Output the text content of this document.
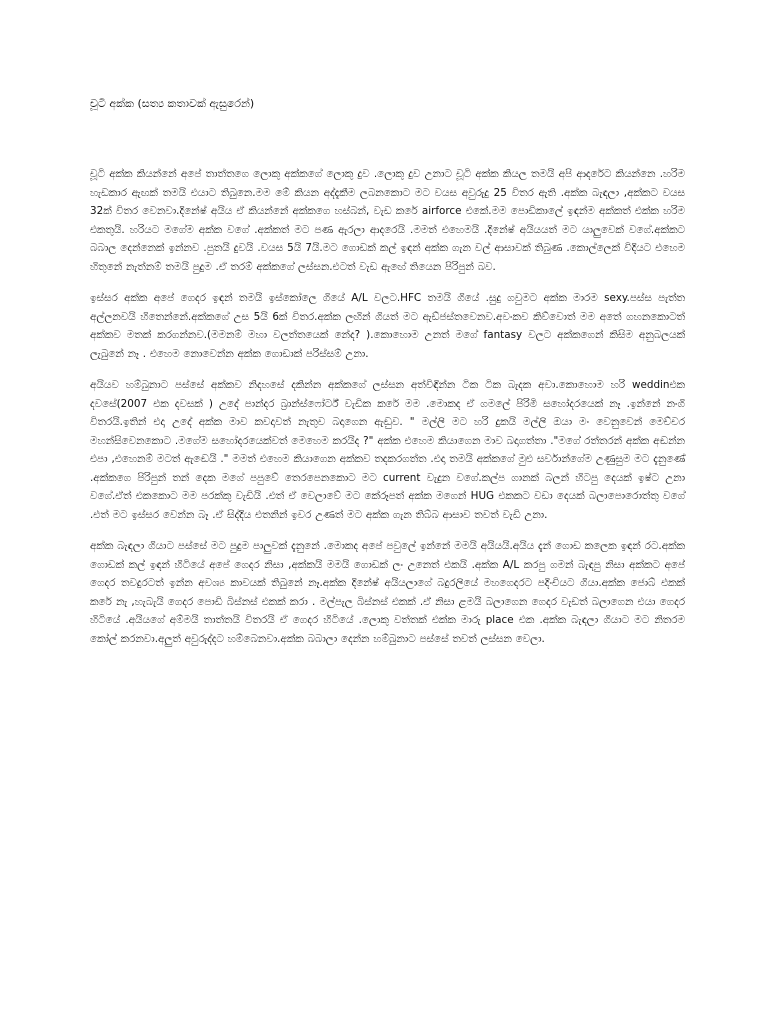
චූටි අක්ක (සත්‍ය කතාවක් ඇසුරෙන්)

චූටි අක්ක කියන්නේ අපේ තාත්තගෙ ලොකු අක්කගේ ලොකු දුව .ලොකු දුව උනාට චූටි අක්ක කියල තමයි අපි ආදරේට කියන්නෙ .හරිම හැඩකාර ඇඟක් තමයි එයාට තිබුනෙ.මම මේ කියන අද්දැකීම ලබනකොට මට වයස අවුරුදු 25 විතර ඇති .අක්ක බැඳලා ,අක්කට වයස 32ක් විතර වෙනවා.දිනේෂ් අයිය ඒ කියන්නේ අක්කගෙ හස්බන්, වැඩ කරේ airforce එකේ.මම පොඩිකාලේ ඉඳන්ම අක්කත් එක්ක හරිම එකතුයි. හරියට මගේම අක්ක වගේ .අක්කත් මට පණ ඇරලා ආදරෙයි .මමත් එහෙමයි .දිනේෂ් අයියයත් මට යාලුවෙක් වගේ.අක්කට බබාල දෙන්නෙක් ඉන්නව .පුතයි දුවයි .වයස 5යි 7යි.මට ගොඩක් කල් ඉඳන් අක්ක ගැන වල් ආසාවක් තිබුණ .කොල්ලෙක් විදියට එහෙම හිතුනේ නැත්නම් තමයි පුදුම .ඒ තරම් අක්කගේ ලස්සන.එටත් වැඩ ඇඟේ තියෙන පිරිපුන් බව.

ඉස්සර අක්ක අපේ ගෙදර ඉඳන් තමයි ඉස්කෝලෙ ගියේ A/L වලට.HFC තමයි ගියේ .සුදු ගවුමට අක්ක මාරම sexy.පස්ස පැත්ත අල්ලනවයි හිතෙන්නේ.අක්කගේ උස 5යි 6ක් විතර.අක්ක ලඟින් ගියත් මට ඇඩ්ජස්තවෙනව.අවංකව කිව්වොත් මම අතේ ගහනකොටත් අක්කව මතක් කරගන්නව.(මමනම් මහා වලත්තයෙක් නේද? ).කොහොම උනත් මගේ fantasy වලට අක්කගෙන් කිසිම අනුබලයක් ලැබුනේ නෑ . එහෙම නොවෙන්න අක්ක ගොඩාක් පරිස්සම් උනා.

අයියව හම්බුනාට පස්සේ අක්කව නිදහසේ දකින්න අක්කගේ ලස්සන අත්විඳින්න ටික ටික බැදක අවා.කොහොම හරි weddinඑක දවසේ(2007 එක දවසක් ) උදේ පාන්දර බ්‍රාන්ස්ෆෝර්ට් වැඩික කරේ මම .මොකද ඒ ගමලේ පිරිමි සහෝදරයෙක් නෑ .ඉන්නේ නංගි විතරයි.ඉතින් එදා උදේ අක්ක මාව කවදාවත් නැතුව බදාගෙන ඇඬුව. " මල්ලි මට හරි දුකයි මල්ලි ඔයා මං වෙනුවෙන් මෙච්චර මහන්සිවෙනකොට .මගේම සහෝදරයෙක්වත් මෙහෙම කරයිද ?" අක්ක එහෙම කියාගෙන මාව බදාගත්තා ."මගේ රත්තරන් අක්ක අඬන්න එපා ,එහෙනම් මටත් ඇඬෙයි ." මමත් එහෙම කියාගෙන අක්කව තදකරගත්ත .එදා තමයි අක්කගේ මුළු සර්වාන්ගේම උණුසුම මට දැනුණේ .අක්කගෙ පිරිපුන් තන් දෙක මගේ පපුවේ තෙරපෙනකොට මට current වැදුන වගේ.කල්ප ගානක් බලන් හිටපු දෙයක් ඉෂ්ට උනා වගේ.ඒත් එකකොට මම පරක්කු වැඩියි .එත් ඒ වෙලාවේ මට කේරූපත් අක්ක මගෙන් HUG එකකට වඩා දෙයක් බලාපොරොත්තු වගේ .එත් මට ඉස්සර වෙන්න බෑ .ඒ සිද්දිය එතනින් ඉවර උණත් මට අක්ක ගැන තිබ්බ ආසාව තවත් වැඩි උනා.

අක්ක බැඳලා ගියාට පස්සේ මට පුදුම පාලුවක් දැනුනේ .මොකද අපේ පවුලේ ඉන්නේ මමයි අයියයි.අයිය දැන් ගොඩ කලෙක ඉඳන් රට.අක්ක ගොඩක් කල් ඉඳන් හිටියේ අපේ ගෙදර නිසා ,අක්කයි මමයි ගොඩක් ලං උනෙත් එකයි .අක්ක A/L කරපු ගමන් බැඳපු නිසා අක්කට අපේ ගෙදර තවදුරටත් ඉන්න අවශ්‍ය කාවයක් තිබුනේ නෑ.අක්ක දිනේෂ් අයියලාගේ බදුරලියේ මහගෙදරට පදිංචියට ගියා.අක්ක ජොබ් එකක් කරේ නැ ,හැබැයි ගෙදර පොඩි බිස්නස් එකක් කරා . මල්පැල බිස්නස් එකක් .ඒ නිසා ළමයි බලාගෙන ගෙදර වැඩත් බලාගෙන එයා ගෙදර හිටියේ .අයියගේ අම්මයි තාත්තයි විතරයි ඒ ගෙදර හිටියේ .ලොකු වත්තක් එක්ක මාරු place එක .අක්ක බැඳලා ගියාට මට නිතරම කෝල් කරනවා.අලුත් අවුරුද්දට හම්බෙනවා.අක්ක බබාලා දෙන්න හම්බුනාට පස්සේ තවත් ලස්සන වෙලා.
